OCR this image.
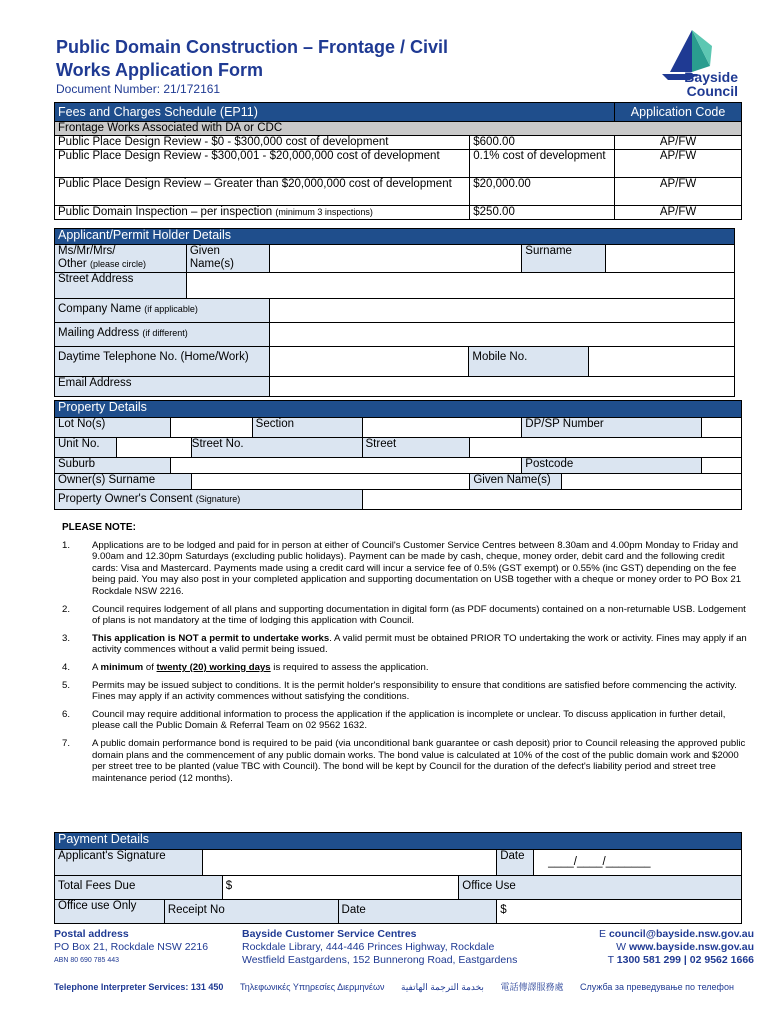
Public Domain Construction – Frontage / Civil
Works Application Form
Document Number: 21/172161
Bayside
Council
Fees and Charges Schedule (EP11)		Application Code
Frontage Works Associated with DA or CDC		
Public Place Design Review - $0 - $300,000 cost of development	$600.00	AP/FW
Public Place Design Review - $300,001 - $20,000,000 cost of development	0.1% cost of development	AP/FW
Public Place Design Review – Greater than $20,000,000 cost of development	$20,000.00	AP/FW
Public Domain Inspection – per inspection (minimum 3 inspections)	$250.00	AP/FW
Applicant/Permit Holder Details						
Ms/Mr/Mrs/
Other (please circle)	Given Name(s)			Surname		
Street Address						
Company Name (if applicable)						
Mailing Address (if different)						
Daytime Telephone No. (Home/Work)			Mobile No.			
Email Address						
Property Details									
Lot No(s)				Section			DP/SP Number		
Unit No.			Street No.		Street				
Suburb							Postcode		
Owner(s) Surname						Given Name(s)			
Property Owner's Consent (Signature)									
PLEASE NOTE:
1.	Applications are to be lodged and paid for in person at either of Council's Customer Service Centres between 8.30am and 4.00pm Monday to Friday and 9.00am and 12.30pm Saturdays (excluding public holidays). Payment can be made by cash, cheque, money order, debit card and the following credit cards: Visa and Mastercard. Payments made using a credit card will incur a service fee of 0.5% (GST exempt) or 0.55% (inc GST) depending on the fee being paid. You may also post in your completed application and supporting documentation on USB together with a cheque or money order to PO Box 21 Rockdale NSW 2216.
2.	Council requires lodgement of all plans and supporting documentation in digital form (as PDF documents) contained on a non-returnable USB. Lodgement of plans is not mandatory at the time of lodging this application with Council.
3.	This application is NOT a permit to undertake works. A valid permit must be obtained PRIOR TO undertaking the work or activity. Fines may apply if an activity commences without a valid permit being issued.
4.	A minimum of twenty (20) working days is required to assess the application.
5.	Permits may be issued subject to conditions. It is the permit holder's responsibility to ensure that conditions are satisfied before commencing the activity. Fines may apply if an activity commences without satisfying the conditions.
6.	Council may require additional information to process the application if the application is incomplete or unclear. To discuss application in further detail, please call the Public Domain & Referral Team on 02 9562 1632.
7.	A public domain performance bond is required to be paid (via unconditional bank guarantee or cash deposit) prior to Council releasing the approved public domain plans and the commencement of any public domain works. The bond value is calculated at 10% of the cost of the public domain work and $2000 per street tree to be planted (value TBC with Council). The bond will be kept by Council for the duration of the defect's liability period and street tree maintenance period (12 months).
Payment Details							
Applicant's Signature						Date	____/____/_______
Total Fees Due			$		Office Use		
Office use Only	Receipt No			Date		$	
Postal address
PO Box 21, Rockdale NSW 2216
ABN 80 690 785 443
Bayside Customer Service Centres
Rockdale Library, 444-446 Princes Highway, Rockdale
Westfield Eastgardens, 152 Bunnerong Road, Eastgardens
E council@bayside.nsw.gov.au
W www.bayside.nsw.gov.au
T 1300 581 299 | 02 9562 1666
Telephone Interpreter Services: 131 450 Τηλεφωνικές Υπηρεσίες Διερμηνέων بخدمة الترجمة الهاتفية 電話傳譯服務處 Служба за преведување по телефон
